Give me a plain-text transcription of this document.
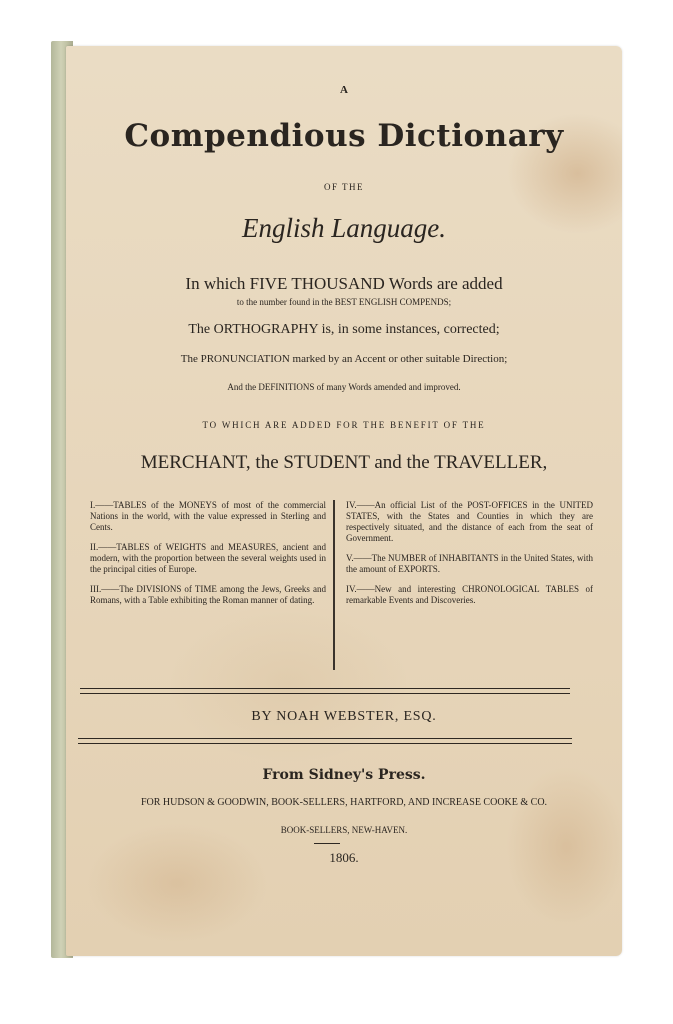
A
Compendious Dictionary
OF THE
English Language.
In which FIVE THOUSAND Words are added
to the number found in the BEST ENGLISH COMPENDS;
The ORTHOGRAPHY is, in some instances, corrected;
The PRONUNCIATION marked by an Accent or other suitable Direction;
And the DEFINITIONS of many Words amended and improved.
TO WHICH ARE ADDED FOR THE BENEFIT OF THE
MERCHANT, the STUDENT and the TRAVELLER,

I.——TABLES of the MONEYS of most of the commercial Nations in the world, with the value expressed in Sterling and Cents.

II.——TABLES of WEIGHTS and MEASURES, ancient and modern, with the proportion between the several weights used in the principal cities of Europe.

III.——The DIVISIONS of TIME among the Jews, Greeks and Romans, with a Table exhibiting the Roman manner of dating.

IV.——An official List of the POST-OFFICES in the UNITED STATES, with the States and Counties in which they are respectively situated, and the distance of each from the seat of Government.

V.——The NUMBER of INHABITANTS in the United States, with the amount of EXPORTS.

IV.——New and interesting CHRONOLOGICAL TABLES of remarkable Events and Discoveries.

BY NOAH WEBSTER, ESQ.
From Sidney's Press.
FOR HUDSON & GOODWIN, BOOK-SELLERS, HARTFORD, AND INCREASE COOKE & CO.
BOOK-SELLERS, NEW-HAVEN.
1806.
